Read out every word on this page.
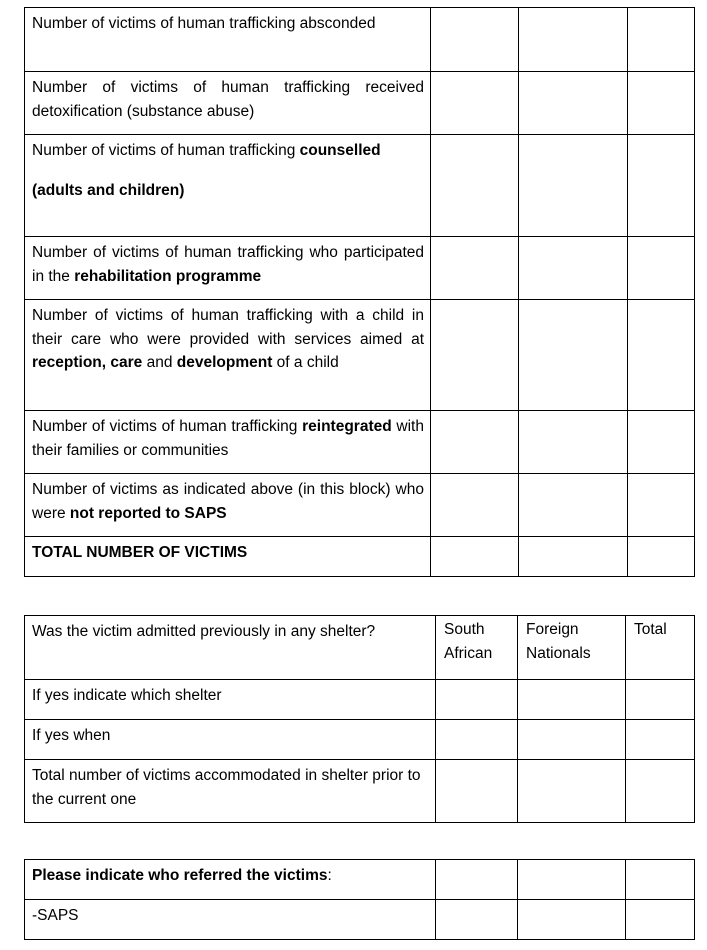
Number of victims of human trafficking absconded			

Number of victims of human trafficking received detoxification (substance abuse)			

Number of victims of human trafficking counselled

(adults and children)			

Number of victims of human trafficking who participated in the rehabilitation programme			

Number of victims of human trafficking with a child in their care who were provided with services aimed at reception, care and development of a child			

Number of victims of human trafficking reintegrated with their families or communities			

Number of victims as indicated above (in this block) who were not reported to SAPS			

TOTAL NUMBER OF VICTIMS			

Was the victim admitted previously in any shelter?	South African	Foreign Nationals	Total

If yes indicate which shelter			

If yes when			

Total number of victims accommodated in shelter prior to the current one			

Please indicate who referred the victims:			

-SAPS			
